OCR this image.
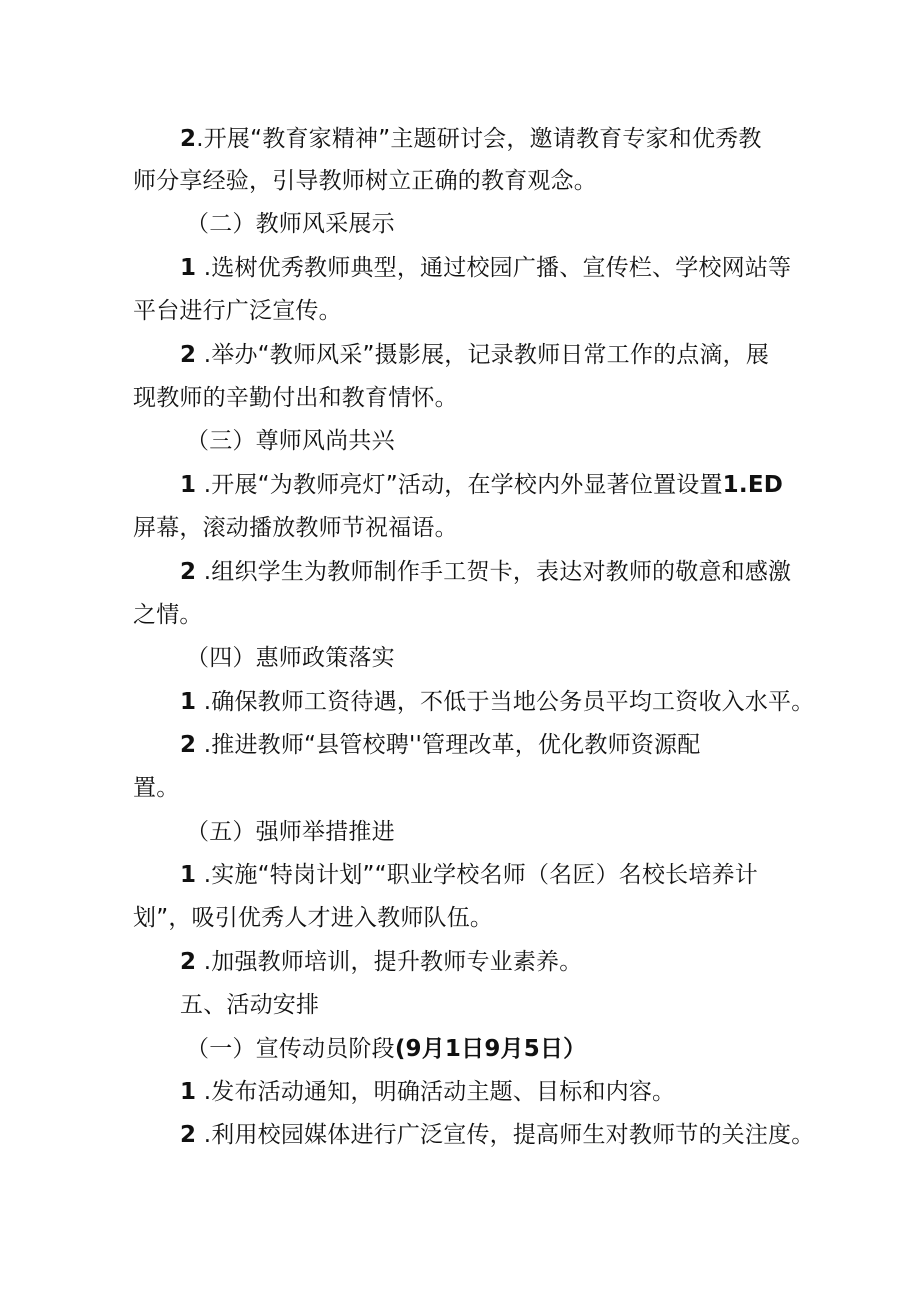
2.开展“教育家精神”主题研讨会，邀请教育专家和优秀教

师分享经验，引导教师树立正确的教育观念。

（二）教师风采展示

1 .选树优秀教师典型，通过校园广播、宣传栏、学校网站等

平台进行广泛宣传。

2 .举办“教师风采”摄影展，记录教师日常工作的点滴，展

现教师的辛勤付出和教育情怀。

（三）尊师风尚共兴

1 .开展“为教师亮灯”活动，在学校内外显著位置设置1.ED

屏幕，滚动播放教师节祝福语。

2 .组织学生为教师制作手工贺卡，表达对教师的敬意和感激

之情。

（四）惠师政策落实

1 .确保教师工资待遇，不低于当地公务员平均工资收入水平。

2 .推进教师“县管校聘''管理改革，优化教师资源配

置。

（五）强师举措推进

1 .实施“特岗计划”“职业学校名师（名匠）名校长培养计

划”，吸引优秀人才进入教师队伍。

2 .加强教师培训，提升教师专业素养。

五、活动安排

（一）宣传动员阶段(9月1日9月5日）

1 .发布活动通知，明确活动主题、目标和内容。

2 .利用校园媒体进行广泛宣传，提高师生对教师节的关注度。
